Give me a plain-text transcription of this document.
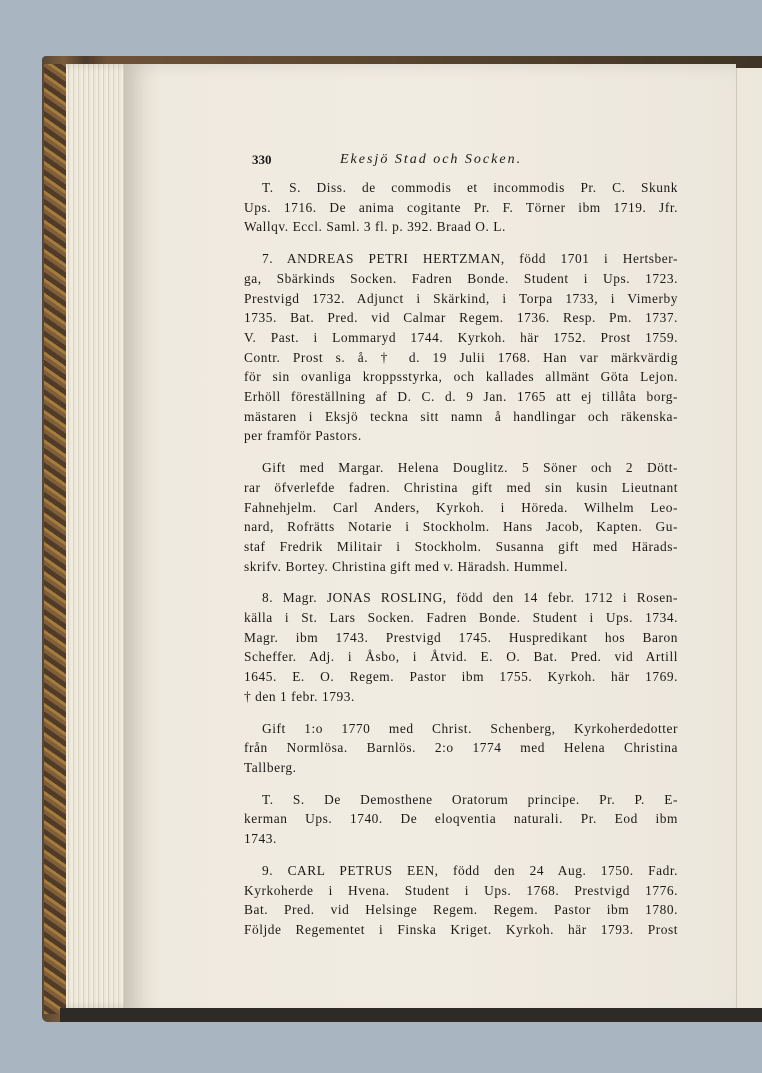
330	Ekesjö Stad och Socken.

T. S. Diss. de commodis et incommodis Pr. C. Skunk
Ups. 1716. De anima cogitante Pr. F. Törner ibm 1719. Jfr.
Wallqv. Eccl. Saml. 3 fl. p. 392. Braad O. L.

7. ANDREAS PETRI HERTZMAN, född 1701 i Hertsber-
ga, Sbärkinds Socken. Fadren Bonde. Student i Ups. 1723.
Prestvigd 1732. Adjunct i Skärkind, i Torpa 1733, i Vimerby
1735. Bat. Pred. vid Calmar Regem. 1736. Resp. Pm. 1737.
V. Past. i Lommaryd 1744. Kyrkoh. här 1752. Prost 1759.
Contr. Prost s. å. † d. 19 Julii 1768. Han var märkvärdig
för sin ovanliga kroppsstyrka, och kallades allmänt Göta Lejon.
Erhöll föreställning af D. C. d. 9 Jan. 1765 att ej tillåta borg-
mästaren i Eksjö teckna sitt namn å handlingar och räkenska-
per framför Pastors.

Gift med Margar. Helena Douglitz. 5 Söner och 2 Dött-
rar öfverlefde fadren. Christina gift med sin kusin Lieutnant
Fahnehjelm. Carl Anders, Kyrkoh. i Höreda. Wilhelm Leo-
nard, Rofrätts Notarie i Stockholm. Hans Jacob, Kapten. Gu-
staf Fredrik Militair i Stockholm. Susanna gift med Härads-
skrifv. Bortey. Christina gift med v. Häradsh. Hummel.

8. Magr. JONAS ROSLING, född den 14 febr. 1712 i Rosen-
källa i St. Lars Socken. Fadren Bonde. Student i Ups. 1734.
Magr. ibm 1743. Prestvigd 1745. Huspredikant hos Baron
Scheffer. Adj. i Åsbo, i Åtvid. E. O. Bat. Pred. vid Artill
1645. E. O. Regem. Pastor ibm 1755. Kyrkoh. här 1769.
† den 1 febr. 1793.

Gift 1:o 1770 med Christ. Schenberg, Kyrkoherdedotter
från Normlösa. Barnlös. 2:o 1774 med Helena Christina
Tallberg.

T. S. De Demosthene Oratorum principe. Pr. P. E-
kerman Ups. 1740. De eloqventia naturali. Pr. Eod ibm
1743.

9. CARL PETRUS EEN, född den 24 Aug. 1750. Fadr.
Kyrkoherde i Hvena. Student i Ups. 1768. Prestvigd 1776.
Bat. Pred. vid Helsinge Regem. Regem. Pastor ibm 1780.
Följde Regementet i Finska Kriget. Kyrkoh. här 1793. Prost
